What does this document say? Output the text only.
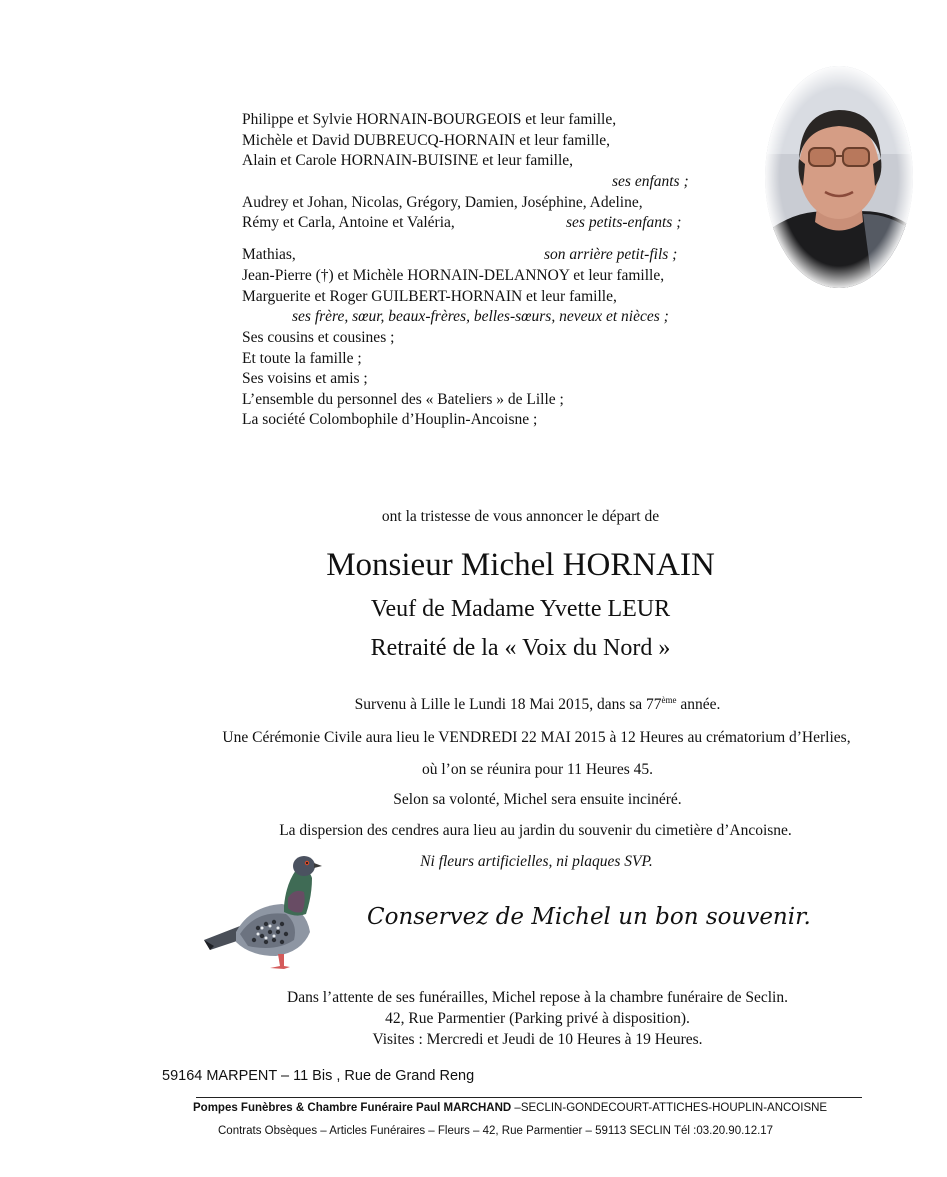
Philippe et Sylvie HORNAIN-BOURGEOIS et leur famille,
Michèle et David DUBREUCQ-HORNAIN et leur famille,
Alain et Carole HORNAIN-BUISINE et leur famille,
ses enfants ;
Audrey et Johan, Nicolas, Grégory, Damien, Joséphine, Adeline,
Rémy et Carla, Antoine et Valéria,	ses petits-enfants ;
Mathias,	son arrière petit-fils ;
Jean-Pierre (†) et Michèle HORNAIN-DELANNOY et leur famille,
Marguerite et Roger GUILBERT-HORNAIN et leur famille,
ses frère, sœur, beaux-frères, belles-sœurs, neveux et nièces ;
Ses cousins et cousines ;
Et toute la famille ;
Ses voisins et amis ;
L’ensemble du personnel des « Bateliers » de Lille ;
La société Colombophile d’Houplin-Ancoisne ;
ont la tristesse de vous annoncer le départ de
Monsieur Michel HORNAIN
Veuf de Madame Yvette LEUR
Retraité de la « Voix du Nord »
Survenu à Lille le Lundi 18 Mai 2015, dans sa 77ème année.
Une Cérémonie Civile aura lieu le VENDREDI 22 MAI 2015 à 12 Heures au crématorium d’Herlies,
où l’on se réunira pour 11 Heures 45.
Selon sa volonté, Michel sera ensuite incinéré.
La dispersion des cendres aura lieu au jardin du souvenir du cimetière d’Ancoisne.
Ni fleurs artificielles, ni plaques SVP.
Conservez de Michel un bon souvenir.
Dans l’attente de ses funérailles, Michel repose à la chambre funéraire de Seclin.
42, Rue Parmentier (Parking privé à disposition).
Visites : Mercredi et Jeudi de 10 Heures à 19 Heures.
59164 MARPENT – 11 Bis , Rue de Grand Reng
Pompes Funèbres & Chambre Funéraire Paul MARCHAND –SECLIN-GONDECOURT-ATTICHES-HOUPLIN-ANCOISNE
Contrats Obsèques – Articles Funéraires – Fleurs – 42, Rue Parmentier – 59113 SECLIN Tél :03.20.90.12.17
